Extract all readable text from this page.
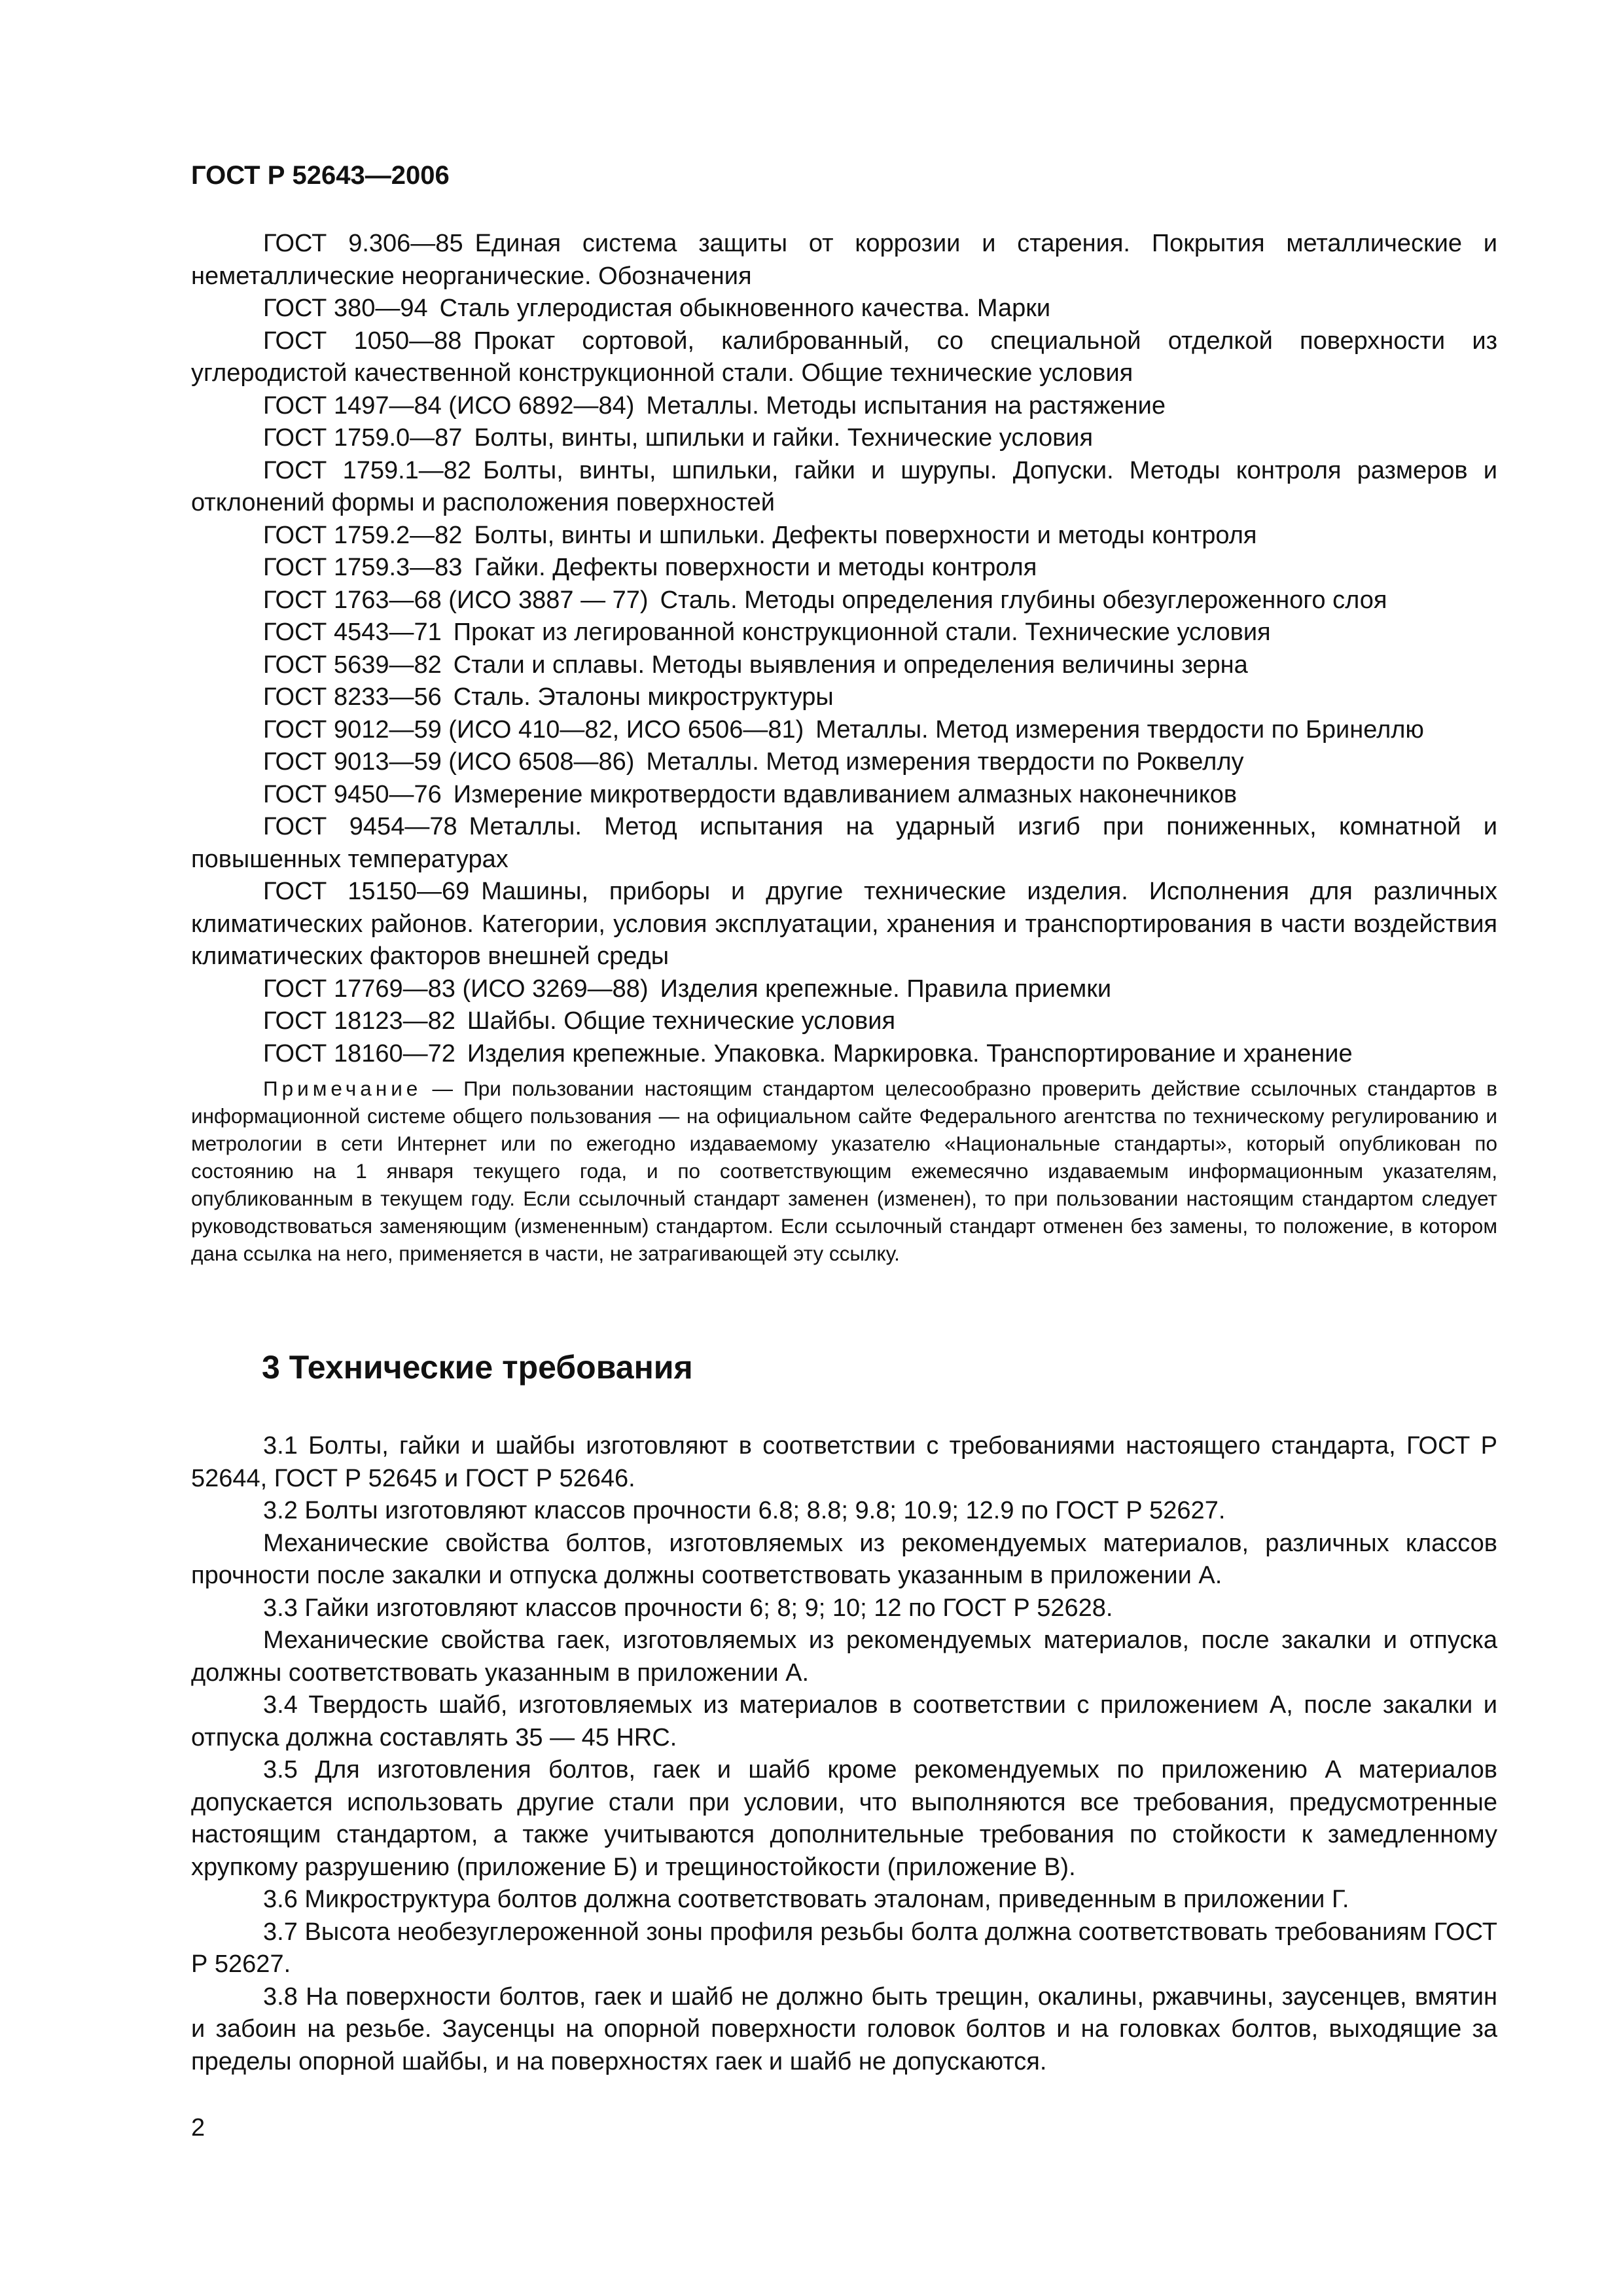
ГОСТ Р 52643—2006

ГОСТ 9.306—85 Единая система защиты от коррозии и старения. Покрытия металлические и неметаллические неорганические. Обозначения

ГОСТ 380—94 Сталь углеродистая обыкновенного качества. Марки

ГОСТ 1050—88 Прокат сортовой, калиброванный, со специальной отделкой поверхности из углеродистой качественной конструкционной стали. Общие технические условия

ГОСТ 1497—84 (ИСО 6892—84) Металлы. Методы испытания на растяжение

ГОСТ 1759.0—87 Болты, винты, шпильки и гайки. Технические условия

ГОСТ 1759.1—82 Болты, винты, шпильки, гайки и шурупы. Допуски. Методы контроля размеров и отклонений формы и расположения поверхностей

ГОСТ 1759.2—82 Болты, винты и шпильки. Дефекты поверхности и методы контроля

ГОСТ 1759.3—83 Гайки. Дефекты поверхности и методы контроля

ГОСТ 1763—68 (ИСО 3887 — 77) Сталь. Методы определения глубины обезуглероженного слоя

ГОСТ 4543—71 Прокат из легированной конструкционной стали. Технические условия

ГОСТ 5639—82 Стали и сплавы. Методы выявления и определения величины зерна

ГОСТ 8233—56 Сталь. Эталоны микроструктуры

ГОСТ 9012—59 (ИСО 410—82, ИСО 6506—81) Металлы. Метод измерения твердости по Бринеллю

ГОСТ 9013—59 (ИСО 6508—86) Металлы. Метод измерения твердости по Роквеллу

ГОСТ 9450—76 Измерение микротвердости вдавливанием алмазных наконечников

ГОСТ 9454—78 Металлы. Метод испытания на ударный изгиб при пониженных, комнатной и повышенных температурах

ГОСТ 15150—69 Машины, приборы и другие технические изделия. Исполнения для различных климатических районов. Категории, условия эксплуатации, хранения и транспортирования в части воздействия климатических факторов внешней среды

ГОСТ 17769—83 (ИСО 3269—88) Изделия крепежные. Правила приемки

ГОСТ 18123—82 Шайбы. Общие технические условия

ГОСТ 18160—72 Изделия крепежные. Упаковка. Маркировка. Транспортирование и хранение

Примечание — При пользовании настоящим стандартом целесообразно проверить действие ссылочных стандартов в информационной системе общего пользования — на официальном сайте Федерального агентства по техническому регулированию и метрологии в сети Интернет или по ежегодно издаваемому указателю «Национальные стандарты», который опубликован по состоянию на 1 января текущего года, и по соответствующим ежемесячно издаваемым информационным указателям, опубликованным в текущем году. Если ссылочный стандарт заменен (изменен), то при пользовании настоящим стандартом следует руководствоваться заменяющим (измененным) стандартом. Если ссылочный стандарт отменен без замены, то положение, в котором дана ссылка на него, применяется в части, не затрагивающей эту ссылку.

3 Технические требования

3.1 Болты, гайки и шайбы изготовляют в соответствии с требованиями настоящего стандарта, ГОСТ Р 52644, ГОСТ Р 52645 и ГОСТ Р 52646.

3.2 Болты изготовляют классов прочности 6.8; 8.8; 9.8; 10.9; 12.9 по ГОСТ Р 52627.

Механические свойства болтов, изготовляемых из рекомендуемых материалов, различных классов прочности после закалки и отпуска должны соответствовать указанным в приложении А.

3.3 Гайки изготовляют классов прочности 6; 8; 9; 10; 12 по ГОСТ Р 52628.

Механические свойства гаек, изготовляемых из рекомендуемых материалов, после закалки и отпуска должны соответствовать указанным в приложении А.

3.4 Твердость шайб, изготовляемых из материалов в соответствии с приложением А, после закалки и отпуска должна составлять 35 — 45 HRC.

3.5 Для изготовления болтов, гаек и шайб кроме рекомендуемых по приложению А материалов допускается использовать другие стали при условии, что выполняются все требования, предусмотренные настоящим стандартом, а также учитываются дополнительные требования по стойкости к замедленному хрупкому разрушению (приложение Б) и трещиностойкости (приложение В).

3.6 Микроструктура болтов должна соответствовать эталонам, приведенным в приложении Г.

3.7 Высота необезуглероженной зоны профиля резьбы болта должна соответствовать требованиям ГОСТ Р 52627.

3.8 На поверхности болтов, гаек и шайб не должно быть трещин, окалины, ржавчины, заусенцев, вмятин и забоин на резьбе. Заусенцы на опорной поверхности головок болтов и на головках болтов, выходящие за пределы опорной шайбы, и на поверхностях гаек и шайб не допускаются.

2
